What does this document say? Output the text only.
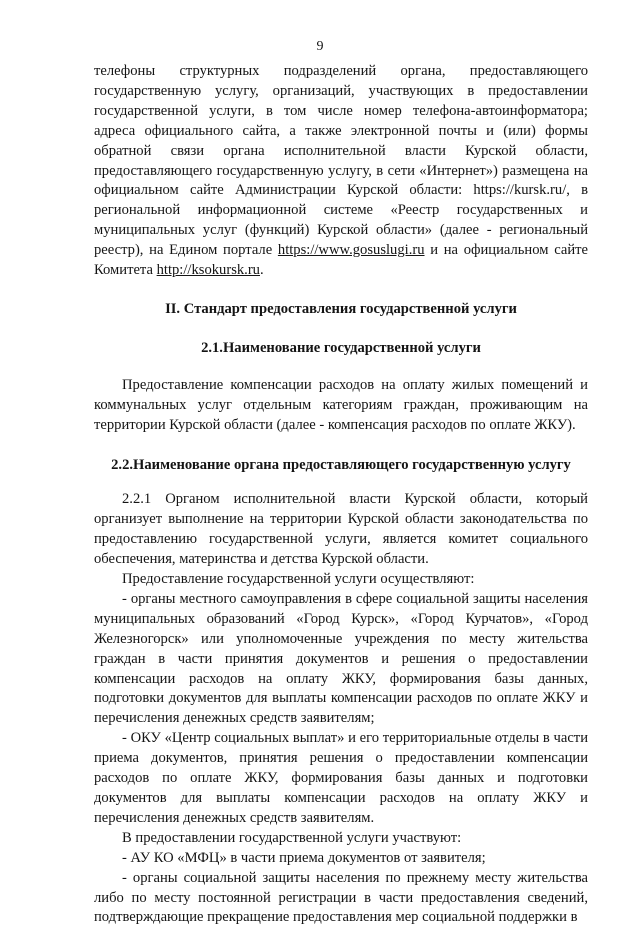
9

телефоны структурных подразделений органа, предоставляющего государственную услугу, организаций, участвующих в предоставлении государственной услуги, в том числе номер телефона-автоинформатора; адреса официального сайта, а также электронной почты и (или) формы обратной связи органа исполнительной власти Курской области, предоставляющего государственную услугу, в сети «Интернет») размещена на официальном сайте Администрации Курской области: https://kursk.ru/, в региональной информационной системе «Реестр государственных и муниципальных услуг (функций) Курской области» (далее - региональный реестр), на Едином портале https://www.gosuslugi.ru и на официальном сайте Комитета http://ksokursk.ru.

II. Стандарт предоставления государственной услуги
2.1.Наименование государственной услуги

Предоставление компенсации расходов на оплату жилых помещений и коммунальных услуг отдельным категориям граждан, проживающим на территории Курской области (далее - компенсация расходов по оплате ЖКУ).

2.2.Наименование органа предоставляющего государственную услугу

2.2.1 Органом исполнительной власти Курской области, который организует выполнение на территории Курской области законодательства по предоставлению государственной услуги, является комитет социального обеспечения, материнства и детства Курской области.

Предоставление государственной услуги осуществляют:

- органы местного самоуправления в сфере социальной защиты населения муниципальных образований «Город Курск», «Город Курчатов», «Город Железногорск» или уполномоченные учреждения по месту жительства граждан в части принятия документов и решения о предоставлении компенсации расходов на оплату ЖКУ, формирования базы данных, подготовки документов для выплаты компенсации расходов по оплате ЖКУ и перечисления денежных средств заявителям;

- ОКУ «Центр социальных выплат» и его территориальные отделы в части приема документов, принятия решения о предоставлении компенсации расходов по оплате ЖКУ, формирования базы данных и подготовки документов для выплаты компенсации расходов на оплату ЖКУ и перечисления денежных средств заявителям.

В предоставлении государственной услуги участвуют:

- АУ КО «МФЦ» в части приема документов от заявителя;

- органы социальной защиты населения по прежнему месту жительства либо по месту постоянной регистрации в части предоставления сведений, подтверждающие прекращение предоставления мер социальной поддержки в
